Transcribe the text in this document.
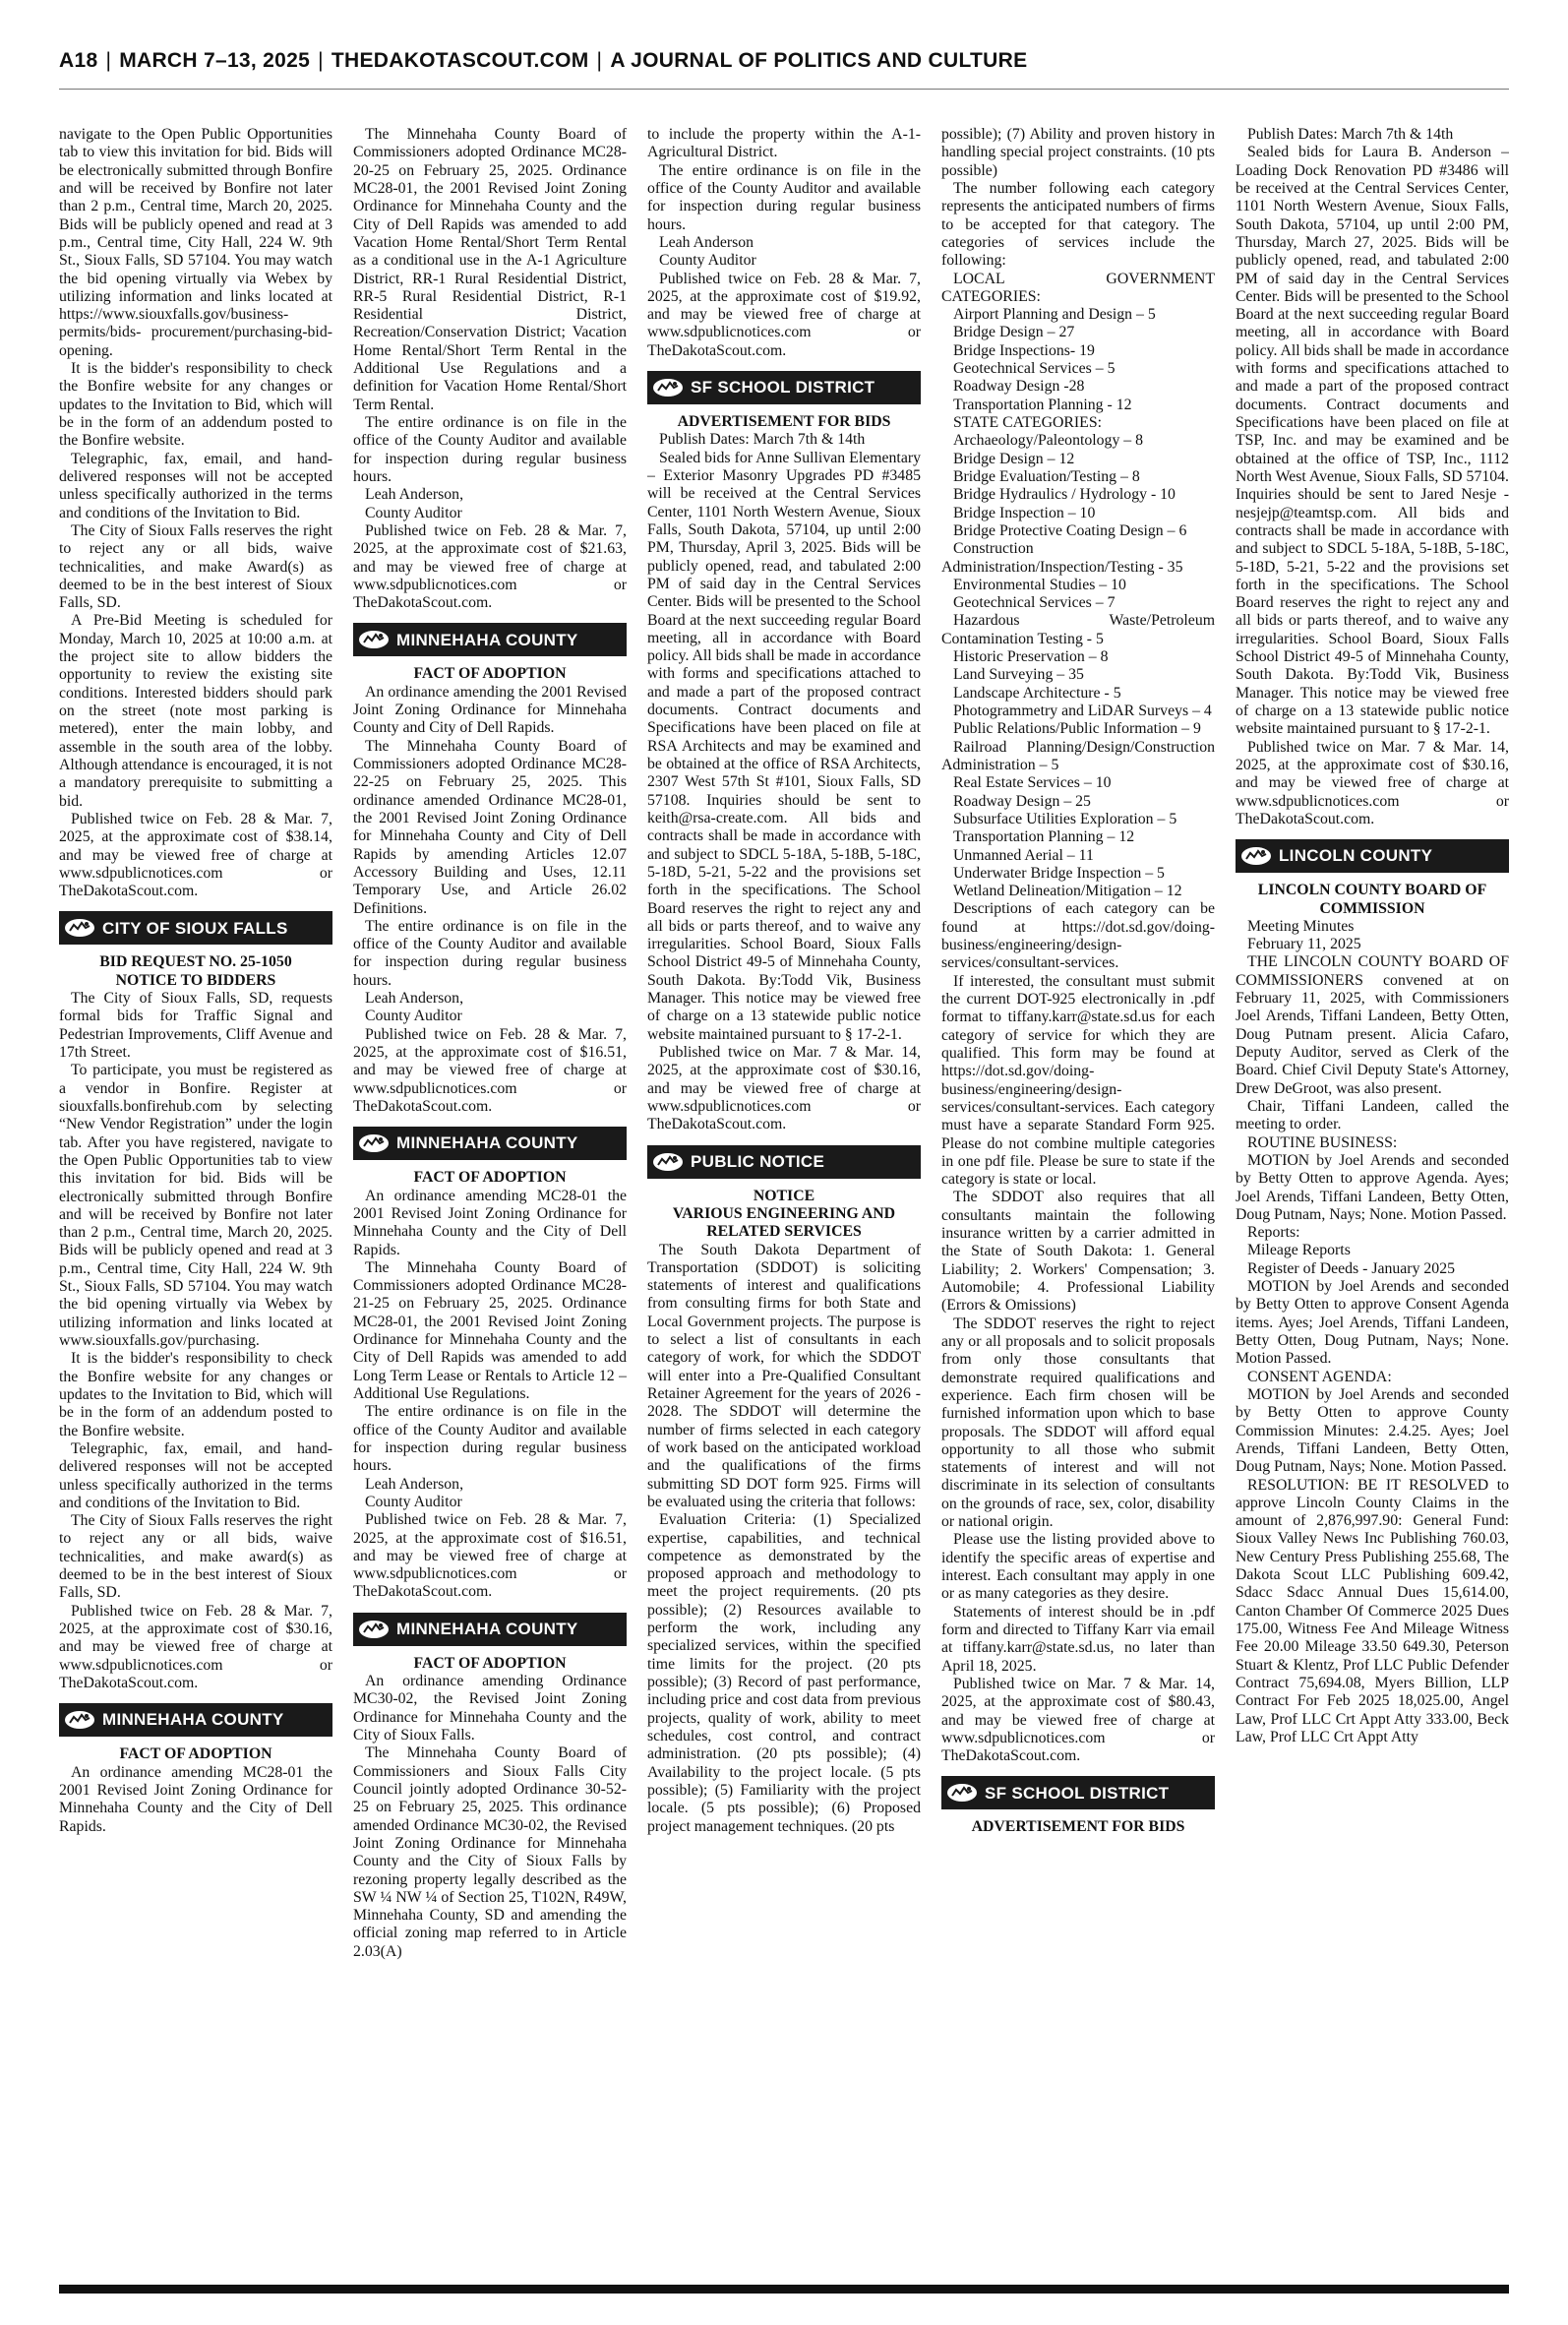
A18 | MARCH 7–13, 2025 | THEDAKOTASCOUT.COM | A JOURNAL OF POLITICS AND CULTURE

navigate to the Open Public Opportunities tab to view this invitation for bid. Bids will be electronically submitted through Bonfire and will be received by Bonfire not later than 2 p.m., Central time, March 20, 2025. Bids will be publicly opened and read at 3 p.m., Central time, City Hall, 224 W. 9th St., Sioux Falls, SD 57104. You may watch the bid opening virtually via Webex by utilizing information and links located at https://www.siouxfalls.gov/business-permits/bids- procurement/purchasing-bid-opening.

It is the bidder's responsibility to check the Bonfire website for any changes or updates to the Invitation to Bid, which will be in the form of an addendum posted to the Bonfire website.

Telegraphic, fax, email, and hand-delivered responses will not be accepted unless specifically authorized in the terms and conditions of the Invitation to Bid.

The City of Sioux Falls reserves the right to reject any or all bids, waive technicalities, and make Award(s) as deemed to be in the best interest of Sioux Falls, SD.

A Pre-Bid Meeting is scheduled for Monday, March 10, 2025 at 10:00 a.m. at the project site to allow bidders the opportunity to review the existing site conditions. Interested bidders should park on the street (note most parking is metered), enter the main lobby, and assemble in the south area of the lobby. Although attendance is encouraged, it is not a mandatory prerequisite to submitting a bid.

Published twice on Feb. 28 & Mar. 7, 2025, at the approximate cost of $38.14, and may be viewed free of charge at www.sdpublicnotices.com or TheDakotaScout.com.

CITY OF SIOUX FALLS

BID REQUEST NO. 25-1050

NOTICE TO BIDDERS

The City of Sioux Falls, SD, requests formal bids for Traffic Signal and Pedestrian Improvements, Cliff Avenue and 17th Street.

To participate, you must be registered as a vendor in Bonfire. Register at siouxfalls.bonfirehub.com by selecting “New Vendor Registration” under the login tab. After you have registered, navigate to the Open Public Opportunities tab to view this invitation for bid. Bids will be electronically submitted through Bonfire and will be received by Bonfire not later than 2 p.m., Central time, March 20, 2025. Bids will be publicly opened and read at 3 p.m., Central time, City Hall, 224 W. 9th St., Sioux Falls, SD 57104. You may watch the bid opening virtually via Webex by utilizing information and links located at www.siouxfalls.gov/purchasing.

It is the bidder's responsibility to check the Bonfire website for any changes or updates to the Invitation to Bid, which will be in the form of an addendum posted to the Bonfire website.

Telegraphic, fax, email, and hand-delivered responses will not be accepted unless specifically authorized in the terms and conditions of the Invitation to Bid.

The City of Sioux Falls reserves the right to reject any or all bids, waive technicalities, and make award(s) as deemed to be in the best interest of Sioux Falls, SD.

Published twice on Feb. 28 & Mar. 7, 2025, at the approximate cost of $30.16, and may be viewed free of charge at www.sdpublicnotices.com or TheDakotaScout.com.

MINNEHAHA COUNTY

FACT OF ADOPTION

An ordinance amending MC28-01 the 2001 Revised Joint Zoning Ordinance for Minnehaha County and the City of Dell Rapids.

The Minnehaha County Board of Commissioners adopted Ordinance MC28-20-25 on February 25, 2025. Ordinance MC28-01, the 2001 Revised Joint Zoning Ordinance for Minnehaha County and the City of Dell Rapids was amended to add Vacation Home Rental/Short Term Rental as a conditional use in the A-1 Agriculture District, RR-1 Rural Residential District, RR-5 Rural Residential District, R-1 Residential District, Recreation/Conservation District; Vacation Home Rental/Short Term Rental in the Additional Use Regulations and a definition for Vacation Home Rental/Short Term Rental.

The entire ordinance is on file in the office of the County Auditor and available for inspection during regular business hours.

Leah Anderson,

County Auditor

Published twice on Feb. 28 & Mar. 7, 2025, at the approximate cost of $21.63, and may be viewed free of charge at www.sdpublicnotices.com or TheDakotaScout.com.

MINNEHAHA COUNTY

FACT OF ADOPTION

An ordinance amending the 2001 Revised Joint Zoning Ordinance for Minnehaha County and City of Dell Rapids.

The Minnehaha County Board of Commissioners adopted Ordinance MC28-22-25 on February 25, 2025. This ordinance amended Ordinance MC28-01, the 2001 Revised Joint Zoning Ordinance for Minnehaha County and City of Dell Rapids by amending Articles 12.07 Accessory Building and Uses, 12.11 Temporary Use, and Article 26.02 Definitions.

The entire ordinance is on file in the office of the County Auditor and available for inspection during regular business hours.

Leah Anderson,

County Auditor

Published twice on Feb. 28 & Mar. 7, 2025, at the approximate cost of $16.51, and may be viewed free of charge at www.sdpublicnotices.com or TheDakotaScout.com.

MINNEHAHA COUNTY

FACT OF ADOPTION

An ordinance amending MC28-01 the 2001 Revised Joint Zoning Ordinance for Minnehaha County and the City of Dell Rapids.

The Minnehaha County Board of Commissioners adopted Ordinance MC28-21-25 on February 25, 2025. Ordinance MC28-01, the 2001 Revised Joint Zoning Ordinance for Minnehaha County and the City of Dell Rapids was amended to add Long Term Lease or Rentals to Article 12 – Additional Use Regulations.

The entire ordinance is on file in the office of the County Auditor and available for inspection during regular business hours.

Leah Anderson,

County Auditor

Published twice on Feb. 28 & Mar. 7, 2025, at the approximate cost of $16.51, and may be viewed free of charge at www.sdpublicnotices.com or TheDakotaScout.com.

MINNEHAHA COUNTY

FACT OF ADOPTION

An ordinance amending Ordinance MC30-02, the Revised Joint Zoning Ordinance for Minnehaha County and the City of Sioux Falls.

The Minnehaha County Board of Commissioners and Sioux Falls City Council jointly adopted Ordinance 30-52-25 on February 25, 2025. This ordinance amended Ordinance MC30-02, the Revised Joint Zoning Ordinance for Minnehaha County and the City of Sioux Falls by rezoning property legally described as the SW ¼ NW ¼ of Section 25, T102N, R49W, Minnehaha County, SD and amending the official zoning map referred to in Article 2.03(A)

to include the property within the A-1-Agricultural District.

The entire ordinance is on file in the office of the County Auditor and available for inspection during regular business hours.

Leah Anderson

County Auditor

Published twice on Feb. 28 & Mar. 7, 2025, at the approximate cost of $19.92, and may be viewed free of charge at www.sdpublicnotices.com or TheDakotaScout.com.

SF SCHOOL DISTRICT

ADVERTISEMENT FOR BIDS

Publish Dates: March 7th & 14th

Sealed bids for Anne Sullivan Elementary – Exterior Masonry Upgrades PD #3485 will be received at the Central Services Center, 1101 North Western Avenue, Sioux Falls, South Dakota, 57104, up until 2:00 PM, Thursday, April 3, 2025. Bids will be publicly opened, read, and tabulated 2:00 PM of said day in the Central Services Center. Bids will be presented to the School Board at the next succeeding regular Board meeting, all in accordance with Board policy. All bids shall be made in accordance with forms and specifications attached to and made a part of the proposed contract documents. Contract documents and Specifications have been placed on file at RSA Architects and may be examined and be obtained at the office of RSA Architects, 2307 West 57th St #101, Sioux Falls, SD 57108. Inquiries should be sent to keith@rsa-create.com. All bids and contracts shall be made in accordance with and subject to SDCL 5-18A, 5-18B, 5-18C, 5-18D, 5-21, 5-22 and the provisions set forth in the specifications. The School Board reserves the right to reject any and all bids or parts thereof, and to waive any irregularities. School Board, Sioux Falls School District 49-5 of Minnehaha County, South Dakota. By:Todd Vik, Business Manager. This notice may be viewed free of charge on a 13 statewide public notice website maintained pursuant to § 17-2-1.

Published twice on Mar. 7 & Mar. 14, 2025, at the approximate cost of $30.16, and may be viewed free of charge at www.sdpublicnotices.com or TheDakotaScout.com.

PUBLIC NOTICE

NOTICE

VARIOUS ENGINEERING AND RELATED SERVICES

The South Dakota Department of Transportation (SDDOT) is soliciting statements of interest and qualifications from consulting firms for both State and Local Government projects. The purpose is to select a list of consultants in each category of work, for which the SDDOT will enter into a Pre-Qualified Consultant Retainer Agreement for the years of 2026 - 2028. The SDDOT will determine the number of firms selected in each category of work based on the anticipated workload and the qualifications of the firms submitting SD DOT form 925. Firms will be evaluated using the criteria that follows:

Evaluation Criteria: (1) Specialized expertise, capabilities, and technical competence as demonstrated by the proposed approach and methodology to meet the project requirements. (20 pts possible); (2) Resources available to perform the work, including any specialized services, within the specified time limits for the project. (20 pts possible); (3) Record of past performance, including price and cost data from previous projects, quality of work, ability to meet schedules, cost control, and contract administration. (20 pts possible); (4) Availability to the project locale. (5 pts possible); (5) Familiarity with the project locale. (5 pts possible); (6) Proposed project management techniques. (20 pts

possible); (7) Ability and proven history in handling special project constraints. (10 pts possible)

The number following each category represents the anticipated numbers of firms to be accepted for that category. The categories of services include the following:

LOCAL GOVERNMENT CATEGORIES:

Airport Planning and Design – 5

Bridge Design – 27

Bridge Inspections- 19

Geotechnical Services – 5

Roadway Design -28

Transportation Planning - 12

STATE CATEGORIES:

Archaeology/Paleontology – 8

Bridge Design – 12

Bridge Evaluation/Testing – 8

Bridge Hydraulics / Hydrology - 10

Bridge Inspection – 10

Bridge Protective Coating Design – 6

Construction Administration/Inspection/Testing - 35

Environmental Studies – 10

Geotechnical Services – 7

Hazardous Waste/Petroleum Contamination Testing - 5

Historic Preservation – 8

Land Surveying – 35

Landscape Architecture - 5

Photogrammetry and LiDAR Surveys – 4

Public Relations/Public Information – 9

Railroad Planning/Design/Construction Administration – 5

Real Estate Services – 10

Roadway Design – 25

Subsurface Utilities Exploration – 5

Transportation Planning – 12

Unmanned Aerial – 11

Underwater Bridge Inspection – 5

Wetland Delineation/Mitigation – 12

Descriptions of each category can be found at https://dot.sd.gov/doing-business/engineering/design-services/consultant-services.

If interested, the consultant must submit the current DOT-925 electronically in .pdf format to tiffany.karr@state.sd.us for each category of service for which they are qualified. This form may be found at https://dot.sd.gov/doing-business/engineering/design-services/consultant-services. Each category must have a separate Standard Form 925. Please do not combine multiple categories in one pdf file. Please be sure to state if the category is state or local.

The SDDOT also requires that all consultants maintain the following insurance written by a carrier admitted in the State of South Dakota: 1. General Liability; 2. Workers' Compensation; 3. Automobile; 4. Professional Liability (Errors & Omissions)

The SDDOT reserves the right to reject any or all proposals and to solicit proposals from only those consultants that demonstrate required qualifications and experience. Each firm chosen will be furnished information upon which to base proposals. The SDDOT will afford equal opportunity to all those who submit statements of interest and will not discriminate in its selection of consultants on the grounds of race, sex, color, disability or national origin.

Please use the listing provided above to identify the specific areas of expertise and interest. Each consultant may apply in one or as many categories as they desire.

Statements of interest should be in .pdf form and directed to Tiffany Karr via email at tiffany.karr@state.sd.us, no later than April 18, 2025.

Published twice on Mar. 7 & Mar. 14, 2025, at the approximate cost of $80.43, and may be viewed free of charge at www.sdpublicnotices.com or TheDakotaScout.com.

SF SCHOOL DISTRICT

ADVERTISEMENT FOR BIDS

Publish Dates: March 7th & 14th

Sealed bids for Laura B. Anderson – Loading Dock Renovation PD #3486 will be received at the Central Services Center, 1101 North Western Avenue, Sioux Falls, South Dakota, 57104, up until 2:00 PM, Thursday, March 27, 2025. Bids will be publicly opened, read, and tabulated 2:00 PM of said day in the Central Services Center. Bids will be presented to the School Board at the next succeeding regular Board meeting, all in accordance with Board policy. All bids shall be made in accordance with forms and specifications attached to and made a part of the proposed contract documents. Contract documents and Specifications have been placed on file at TSP, Inc. and may be examined and be obtained at the office of TSP, Inc., 1112 North West Avenue, Sioux Falls, SD 57104. Inquiries should be sent to Jared Nesje - nesjejp@teamtsp.com. All bids and contracts shall be made in accordance with and subject to SDCL 5-18A, 5-18B, 5-18C, 5-18D, 5-21, 5-22 and the provisions set forth in the specifications. The School Board reserves the right to reject any and all bids or parts thereof, and to waive any irregularities. School Board, Sioux Falls School District 49-5 of Minnehaha County, South Dakota. By:Todd Vik, Business Manager. This notice may be viewed free of charge on a 13 statewide public notice website maintained pursuant to § 17-2-1.

Published twice on Mar. 7 & Mar. 14, 2025, at the approximate cost of $30.16, and may be viewed free of charge at www.sdpublicnotices.com or TheDakotaScout.com.

LINCOLN COUNTY

LINCOLN COUNTY BOARD OF COMMISSION

Meeting Minutes

February 11, 2025

THE LINCOLN COUNTY BOARD OF COMMISSIONERS convened at on February 11, 2025, with Commissioners Joel Arends, Tiffani Landeen, Betty Otten, Doug Putnam present. Alicia Cafaro, Deputy Auditor, served as Clerk of the Board. Chief Civil Deputy State's Attorney, Drew DeGroot, was also present.

Chair, Tiffani Landeen, called the meeting to order.

ROUTINE BUSINESS:

MOTION by Joel Arends and seconded by Betty Otten to approve Agenda. Ayes; Joel Arends, Tiffani Landeen, Betty Otten, Doug Putnam, Nays; None. Motion Passed.

Reports:

Mileage Reports

Register of Deeds - January 2025

MOTION by Joel Arends and seconded by Betty Otten to approve Consent Agenda items. Ayes; Joel Arends, Tiffani Landeen, Betty Otten, Doug Putnam, Nays; None. Motion Passed.

CONSENT AGENDA:

MOTION by Joel Arends and seconded by Betty Otten to approve County Commission Minutes: 2.4.25. Ayes; Joel Arends, Tiffani Landeen, Betty Otten, Doug Putnam, Nays; None. Motion Passed.

RESOLUTION: BE IT RESOLVED to approve Lincoln County Claims in the amount of 2,876,997.90: General Fund: Sioux Valley News Inc Publishing 760.03, New Century Press Publishing 255.68, The Dakota Scout LLC Publishing 609.42, Sdacc Sdacc Annual Dues 15,614.00, Canton Chamber Of Commerce 2025 Dues 175.00, Witness Fee And Mileage Witness Fee 20.00 Mileage 33.50 649.30, Peterson Stuart & Klentz, Prof LLC Public Defender Contract 75,694.08, Myers Billion, LLP Contract For Feb 2025 18,025.00, Angel Law, Prof LLC Crt Appt Atty 333.00, Beck Law, Prof LLC Crt Appt Atty
